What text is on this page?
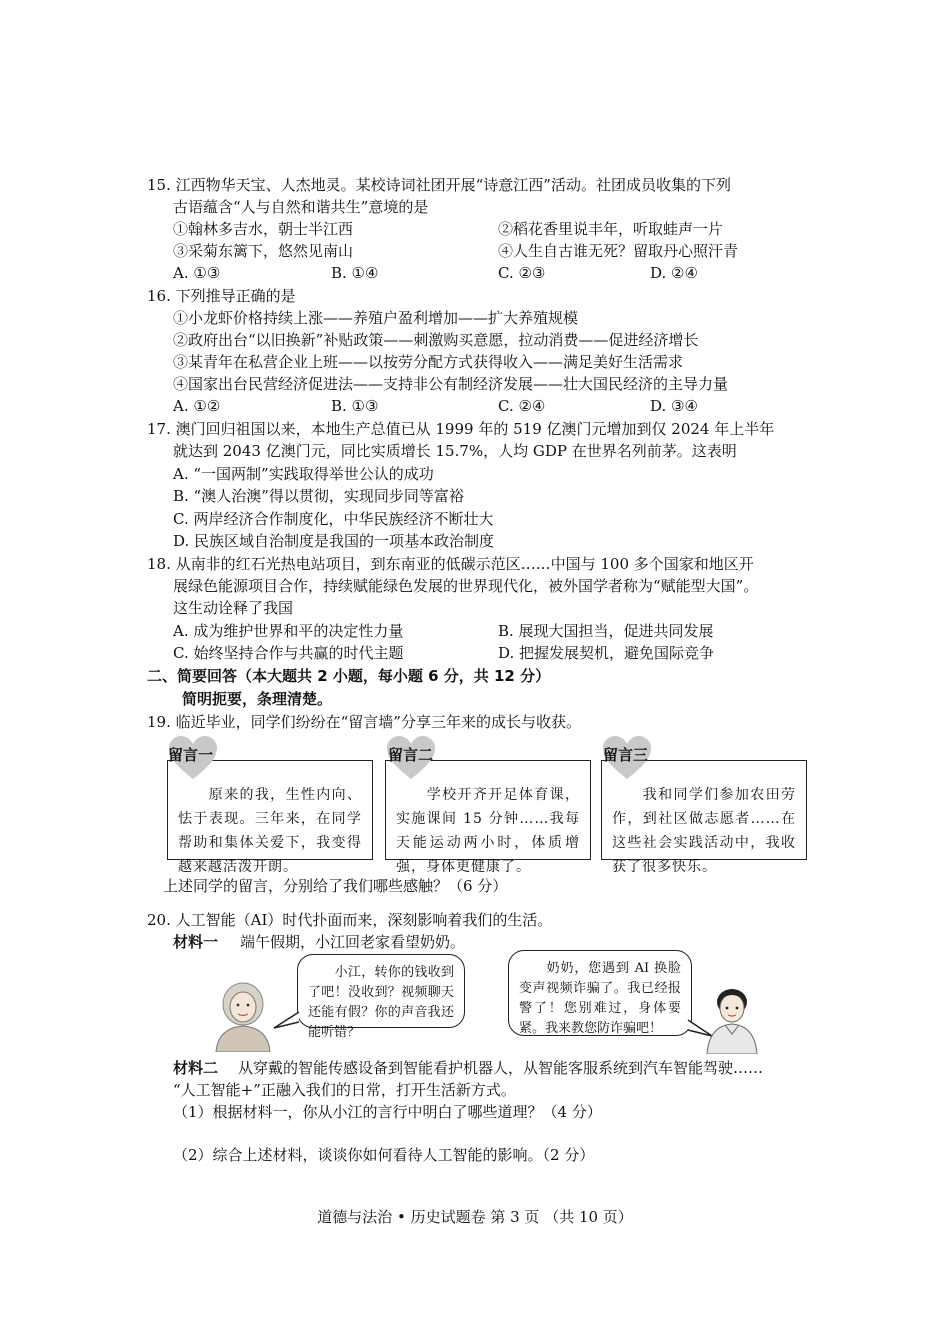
15. 江西物华天宝、人杰地灵。某校诗词社团开展“诗意江西”活动。社团成员收集的下列
古语蕴含“人与自然和谐共生”意境的是
①翰林多吉水，朝士半江西	②稻花香里说丰年，听取蛙声一片
③采菊东篱下，悠然见南山	④人生自古谁无死？留取丹心照汗青
A. ①③	B. ①④	C. ②③	D. ②④
16. 下列推导正确的是
①小龙虾价格持续上涨——养殖户盈利增加——扩大养殖规模
②政府出台“以旧换新”补贴政策——刺激购买意愿，拉动消费——促进经济增长
③某青年在私营企业上班——以按劳分配方式获得收入——满足美好生活需求
④国家出台民营经济促进法——支持非公有制经济发展——壮大国民经济的主导力量
A. ①②	B. ①③	C. ②④	D. ③④
17. 澳门回归祖国以来，本地生产总值已从 1999 年的 519 亿澳门元增加到仅 2024 年上半年
就达到 2043 亿澳门元，同比实质增长 15.7%，人均 GDP 在世界名列前茅。这表明
A. “一国两制”实践取得举世公认的成功
B. “澳人治澳”得以贯彻，实现同步同等富裕
C. 两岸经济合作制度化，中华民族经济不断壮大
D. 民族区域自治制度是我国的一项基本政治制度
18. 从南非的红石光热电站项目，到东南亚的低碳示范区……中国与 100 多个国家和地区开
展绿色能源项目合作，持续赋能绿色发展的世界现代化，被外国学者称为“赋能型大国”。
这生动诠释了我国
A. 成为维护世界和平的决定性力量	B. 展现大国担当，促进共同发展
C. 始终坚持合作与共赢的时代主题	D. 把握发展契机，避免国际竞争
二、简要回答（本大题共 2 小题，每小题 6 分，共 12 分）
简明扼要，条理清楚。
19. 临近毕业，同学们纷纷在“留言墙”分享三年来的成长与收获。
　　原来的我，生性内向、怯于表现。三年来，在同学帮助和集体关爱下，我变得越来越活泼开朗。
留言一
　　学校开齐开足体育课，实施课间 15 分钟……我每天能运动两小时，体质增强，身体更健康了。
留言二
　　我和同学们参加农田劳作，到社区做志愿者……在这些社会实践活动中，我收获了很多快乐。
留言三
上述同学的留言，分别给了我们哪些感触？（6 分）
20. 人工智能（AI）时代扑面而来，深刻影响着我们的生活。
材料一 端午假期，小江回老家看望奶奶。
　　小江，转你的钱收到了吧！没收到？视频聊天还能有假？你的声音我还能听错？
　　奶奶，您遇到 AI 换脸变声视频诈骗了。我已经报警了！您别难过，身体要紧。我来教您防诈骗吧！
材料二 从穿戴的智能传感设备到智能看护机器人，从智能客服系统到汽车智能驾驶……
“人工智能+”正融入我们的日常，打开生活新方式。
（1）根据材料一，你从小江的言行中明白了哪些道理？（4 分）
（2）综合上述材料，谈谈你如何看待人工智能的影响。（2 分）
道德与法治 • 历史试题卷 第 3 页 （共 10 页）
